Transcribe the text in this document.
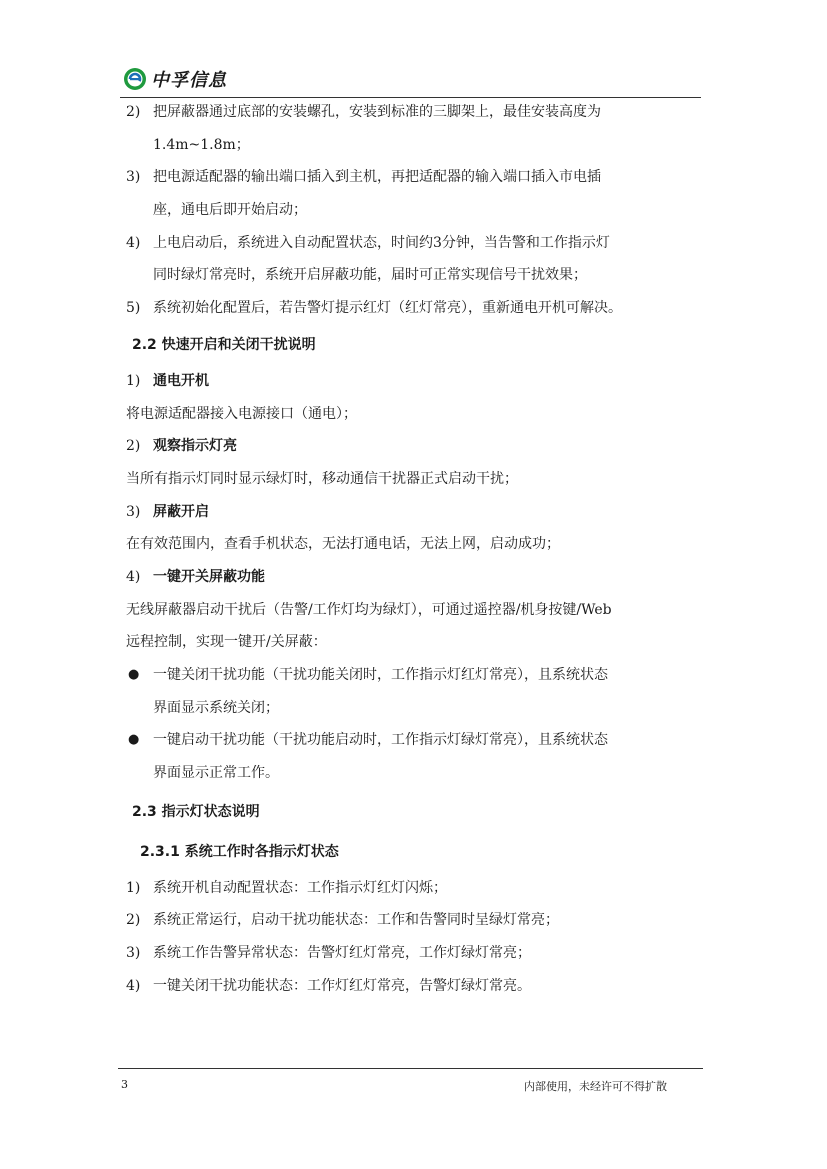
中孚信息
2) 把屏蔽器通过底部的安装螺孔，安装到标准的三脚架上，最佳安装高度为
1.4m~1.8m；
3) 把电源适配器的输出端口插入到主机，再把适配器的输入端口插入市电插
座，通电后即开始启动；
4) 上电启动后，系统进入自动配置状态，时间约3分钟，当告警和工作指示灯
同时绿灯常亮时，系统开启屏蔽功能，届时可正常实现信号干扰效果；
5) 系统初始化配置后，若告警灯提示红灯（红灯常亮），重新通电开机可解决。
2.2 快速开启和关闭干扰说明
1) 通电开机
将电源适配器接入电源接口（通电）；
2) 观察指示灯亮
当所有指示灯同时显示绿灯时，移动通信干扰器正式启动干扰；
3) 屏蔽开启
在有效范围内，查看手机状态，无法打通电话，无法上网，启动成功；
4) 一键开关屏蔽功能
无线屏蔽器启动干扰后（告警/工作灯均为绿灯），可通过遥控器/机身按键/Web
远程控制，实现一键开/关屏蔽：
● 一键关闭干扰功能（干扰功能关闭时，工作指示灯红灯常亮），且系统状态
界面显示系统关闭；
● 一键启动干扰功能（干扰功能启动时，工作指示灯绿灯常亮），且系统状态
界面显示正常工作。
2.3 指示灯状态说明
2.3.1 系统工作时各指示灯状态
1) 系统开机自动配置状态：工作指示灯红灯闪烁；
2) 系统正常运行，启动干扰功能状态：工作和告警同时呈绿灯常亮；
3) 系统工作告警异常状态：告警灯红灯常亮，工作灯绿灯常亮；
4) 一键关闭干扰功能状态：工作灯红灯常亮，告警灯绿灯常亮。
3	内部使用，未经许可不得扩散
